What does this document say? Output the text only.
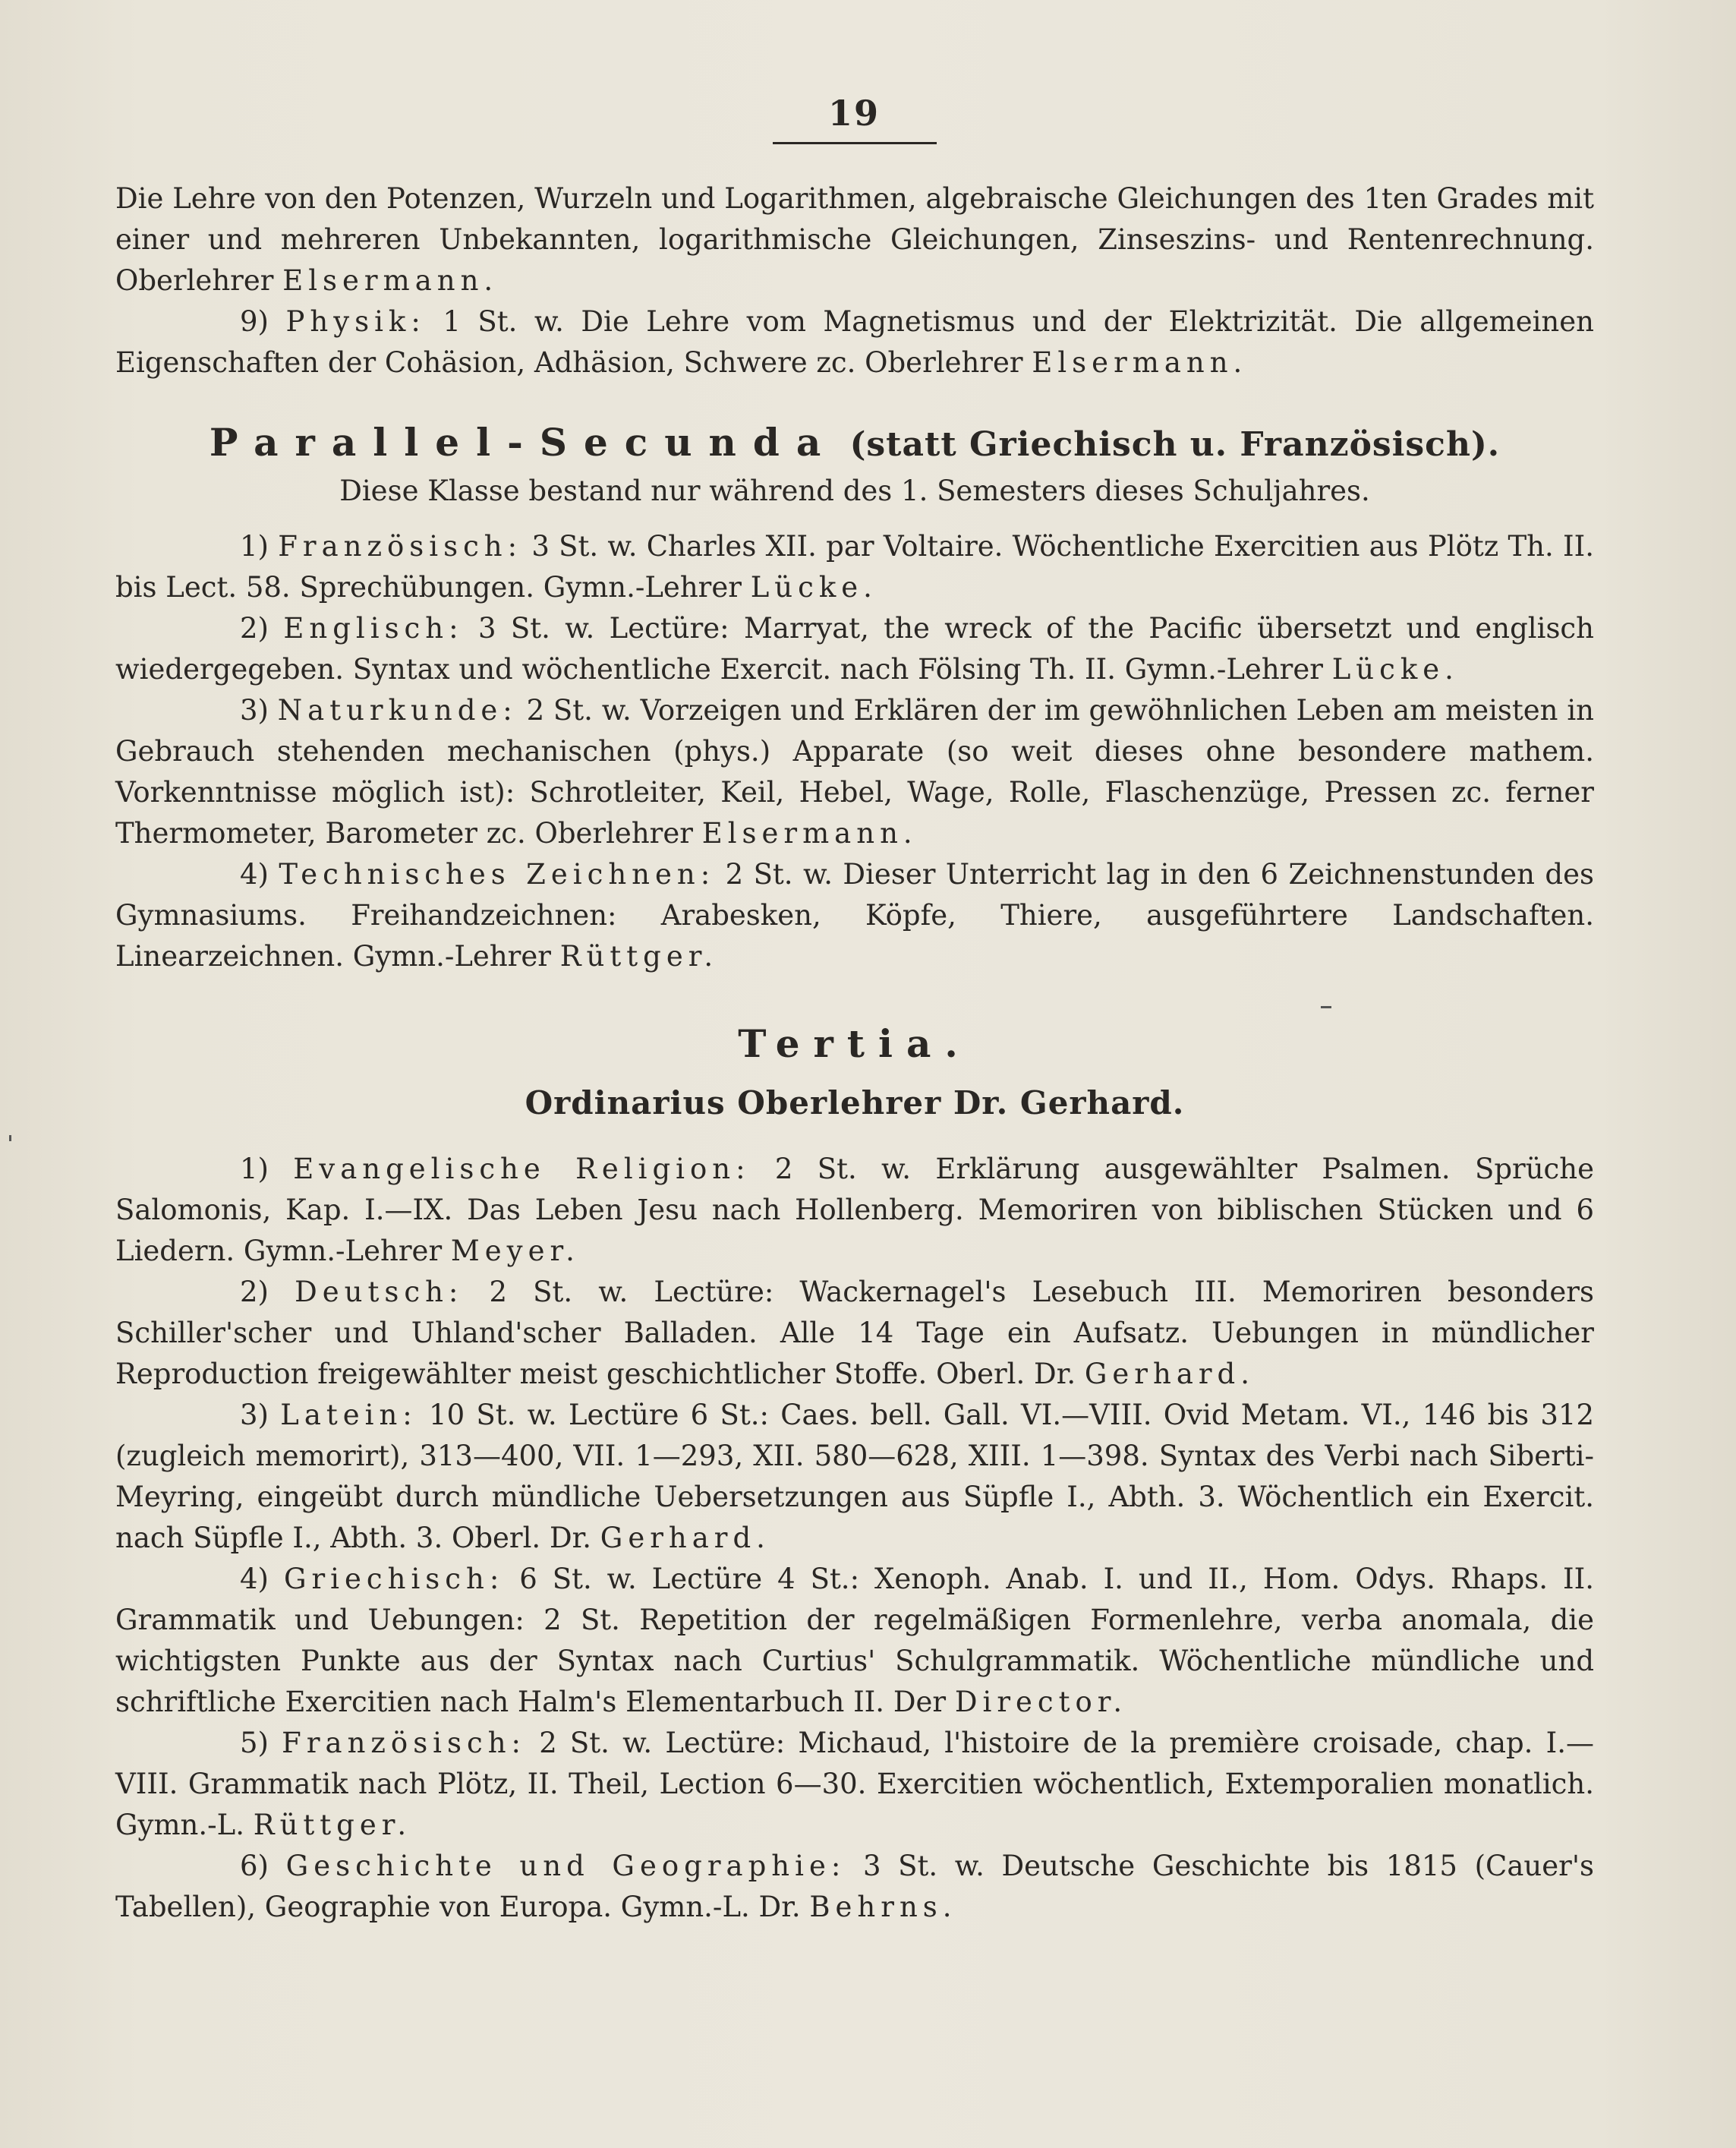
19

Die Lehre von den Potenzen, Wurzeln und Logarithmen, algebraische Gleichungen des 1ten Grades mit einer und mehreren Unbekannten, logarithmische Gleichungen, Zinseszins- und Rentenrechnung. Oberlehrer Elsermann.

9) Physik: 1 St. w. Die Lehre vom Magnetismus und der Elektrizität. Die allgemeinen Eigenschaften der Cohäsion, Adhäsion, Schwere zc. Oberlehrer Elsermann.

Parallel-Secunda (statt Griechisch u. Französisch).
Diese Klasse bestand nur während des 1. Semesters dieses Schuljahres.

1) Französisch: 3 St. w. Charles XII. par Voltaire. Wöchentliche Exercitien aus Plötz Th. II. bis Lect. 58. Sprechübungen. Gymn.-Lehrer Lücke.

2) Englisch: 3 St. w. Lectüre: Marryat, the wreck of the Pacific übersetzt und englisch wiedergegeben. Syntax und wöchentliche Exercit. nach Fölsing Th. II. Gymn.-Lehrer Lücke.

3) Naturkunde: 2 St. w. Vorzeigen und Erklären der im gewöhnlichen Leben am meisten in Gebrauch stehenden mechanischen (phys.) Apparate (so weit dieses ohne besondere mathem. Vorkenntnisse möglich ist): Schrotleiter, Keil, Hebel, Wage, Rolle, Flaschenzüge, Pressen zc. ferner Thermometer, Barometer zc. Oberlehrer Elsermann.

4) Technisches Zeichnen: 2 St. w. Dieser Unterricht lag in den 6 Zeichnenstunden des Gymnasiums. Freihandzeichnen: Arabesken, Köpfe, Thiere, ausgeführtere Landschaften. Linearzeichnen. Gymn.-Lehrer Rüttger.

Tertia.
Ordinarius Oberlehrer Dr. Gerhard.

1) Evangelische Religion: 2 St. w. Erklärung ausgewählter Psalmen. Sprüche Salomonis, Kap. I.—IX. Das Leben Jesu nach Hollenberg. Memoriren von biblischen Stücken und 6 Liedern. Gymn.-Lehrer Meyer.

2) Deutsch: 2 St. w. Lectüre: Wackernagel's Lesebuch III. Memoriren besonders Schiller'scher und Uhland'scher Balladen. Alle 14 Tage ein Aufsatz. Uebungen in mündlicher Reproduction freigewählter meist geschichtlicher Stoffe. Oberl. Dr. Gerhard.

3) Latein: 10 St. w. Lectüre 6 St.: Caes. bell. Gall. VI.—VIII. Ovid Metam. VI., 146 bis 312 (zugleich memorirt), 313—400, VII. 1—293, XII. 580—628, XIII. 1—398. Syntax des Verbi nach Siberti-Meyring, eingeübt durch mündliche Uebersetzungen aus Süpfle I., Abth. 3. Wöchentlich ein Exercit. nach Süpfle I., Abth. 3. Oberl. Dr. Gerhard.

4) Griechisch: 6 St. w. Lectüre 4 St.: Xenoph. Anab. I. und II., Hom. Odys. Rhaps. II. Grammatik und Uebungen: 2 St. Repetition der regelmäßigen Formenlehre, verba anomala, die wichtigsten Punkte aus der Syntax nach Curtius' Schulgrammatik. Wöchentliche mündliche und schriftliche Exercitien nach Halm's Elementarbuch II. Der Director.

5) Französisch: 2 St. w. Lectüre: Michaud, l'histoire de la première croisade, chap. I.—VIII. Grammatik nach Plötz, II. Theil, Lection 6—30. Exercitien wöchentlich, Extemporalien monatlich. Gymn.-L. Rüttger.

6) Geschichte und Geographie: 3 St. w. Deutsche Geschichte bis 1815 (Cauer's Tabellen), Geographie von Europa. Gymn.-L. Dr. Behrns.
